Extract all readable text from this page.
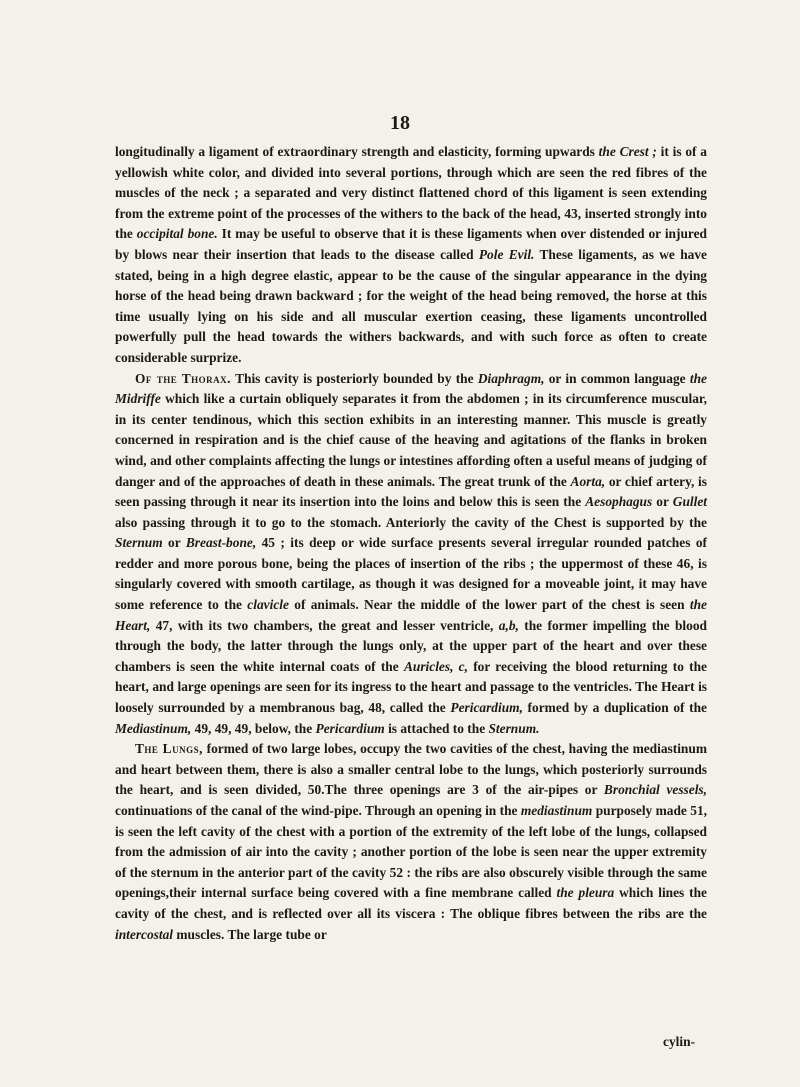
18

longitudinally a ligament of extraordinary strength and elasticity, forming upwards the Crest ; it is of a yellowish white color, and divided into several portions, through which are seen the red fibres of the muscles of the neck ; a separated and very distinct flattened chord of this ligament is seen extending from the extreme point of the processes of the withers to the back of the head, 43, inserted strongly into the occipital bone. It may be useful to observe that it is these ligaments when over distended or injured by blows near their insertion that leads to the disease called Pole Evil. These ligaments, as we have stated, being in a high degree elastic, appear to be the cause of the singular appearance in the dying horse of the head being drawn backward ; for the weight of the head being removed, the horse at this time usually lying on his side and all muscular exertion ceasing, these ligaments uncontrolled powerfully pull the head towards the withers backwards, and with such force as often to create considerable surprize.

Of the Thorax. This cavity is posteriorly bounded by the Diaphragm, or in common language the Midriffe which like a curtain obliquely separates it from the abdomen ; in its circumference muscular, in its center tendinous, which this section exhibits in an interesting manner. This muscle is greatly concerned in respiration and is the chief cause of the heaving and agitations of the flanks in broken wind, and other complaints affecting the lungs or intestines affording often a useful means of judging of danger and of the approaches of death in these animals. The great trunk of the Aorta, or chief artery, is seen passing through it near its insertion into the loins and below this is seen the Aesophagus or Gullet also passing through it to go to the stomach. Anteriorly the cavity of the Chest is supported by the Sternum or Breast-bone, 45 ; its deep or wide surface presents several irregular rounded patches of redder and more porous bone, being the places of insertion of the ribs ; the uppermost of these 46, is singularly covered with smooth cartilage, as though it was designed for a moveable joint, it may have some reference to the clavicle of animals. Near the middle of the lower part of the chest is seen the Heart, 47, with its two chambers, the great and lesser ventricle, a,b, the former impelling the blood through the body, the latter through the lungs only, at the upper part of the heart and over these chambers is seen the white internal coats of the Auricles, c, for receiving the blood returning to the heart, and large openings are seen for its ingress to the heart and passage to the ventricles. The Heart is loosely surrounded by a membranous bag, 48, called the Pericardium, formed by a duplication of the Mediastinum, 49, 49, 49, below, the Pericardium is attached to the Sternum.

The Lungs, formed of two large lobes, occupy the two cavities of the chest, having the mediastinum and heart between them, there is also a smaller central lobe to the lungs, which posteriorly surrounds the heart, and is seen divided, 50.The three openings are 3 of the air-pipes or Bronchial vessels, continuations of the canal of the wind-pipe. Through an opening in the mediastinum purposely made 51, is seen the left cavity of the chest with a portion of the extremity of the left lobe of the lungs, collapsed from the admission of air into the cavity ; another portion of the lobe is seen near the upper extremity of the sternum in the anterior part of the cavity 52 : the ribs are also obscurely visible through the same openings,their internal surface being covered with a fine membrane called the pleura which lines the cavity of the chest, and is reflected over all its viscera : The oblique fibres between the ribs are the intercostal muscles. The large tube or

cylin-
